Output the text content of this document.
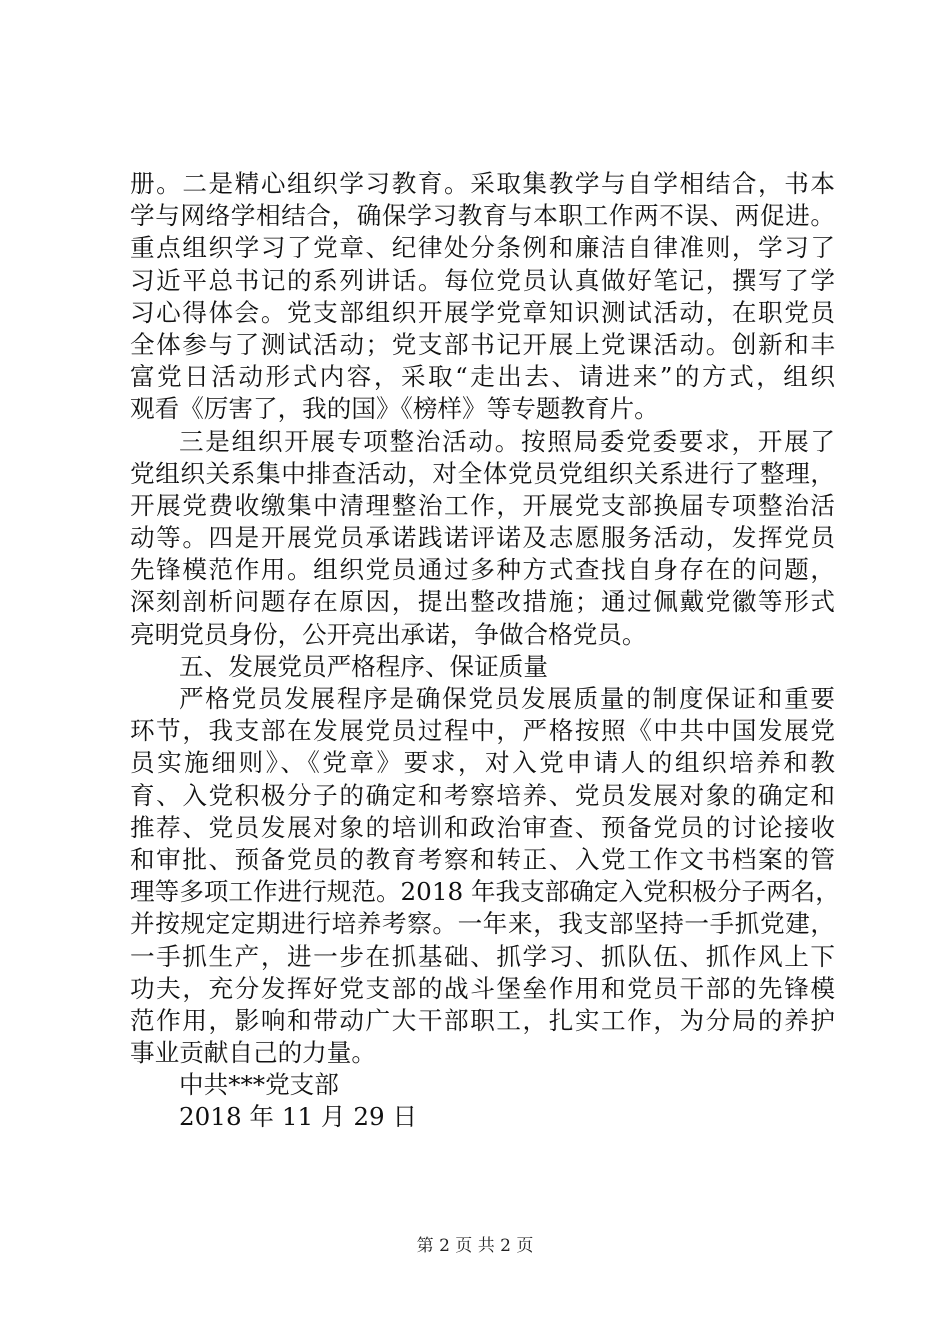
册。二是精心组织学习教育。采取集教学与自学相结合，书本
学与网络学相结合，确保学习教育与本职工作两不误、两促进。
重点组织学习了党章、纪律处分条例和廉洁自律准则，学习了
习近平总书记的系列讲话。每位党员认真做好笔记，撰写了学
习心得体会。党支部组织开展学党章知识测试活动，在职党员
全体参与了测试活动；党支部书记开展上党课活动。创新和丰
富党日活动形式内容，采取“走出去、请进来”的方式，组织
观看《厉害了，我的国》《榜样》等专题教育片。
三是组织开展专项整治活动。按照局委党委要求，开展了
党组织关系集中排查活动，对全体党员党组织关系进行了整理，
开展党费收缴集中清理整治工作，开展党支部换届专项整治活
动等。四是开展党员承诺践诺评诺及志愿服务活动，发挥党员
先锋模范作用。组织党员通过多种方式查找自身存在的问题，
深刻剖析问题存在原因，提出整改措施；通过佩戴党徽等形式
亮明党员身份，公开亮出承诺，争做合格党员。
五、发展党员严格程序、保证质量
严格党员发展程序是确保党员发展质量的制度保证和重要
环节，我支部在发展党员过程中，严格按照《中共中国发展党
员实施细则》、《党章》要求，对入党申请人的组织培养和教
育、入党积极分子的确定和考察培养、党员发展对象的确定和
推荐、党员发展对象的培训和政治审查、预备党员的讨论接收
和审批、预备党员的教育考察和转正、入党工作文书档案的管
理等多项工作进行规范。2018 年我支部确定入党积极分子两名，
并按规定定期进行培养考察。一年来，我支部坚持一手抓党建，
一手抓生产，进一步在抓基础、抓学习、抓队伍、抓作风上下
功夫，充分发挥好党支部的战斗堡垒作用和党员干部的先锋模
范作用，影响和带动广大干部职工，扎实工作，为分局的养护
事业贡献自己的力量。
中共***党支部
2018 年 11 月 29 日
第 2 页 共 2 页
